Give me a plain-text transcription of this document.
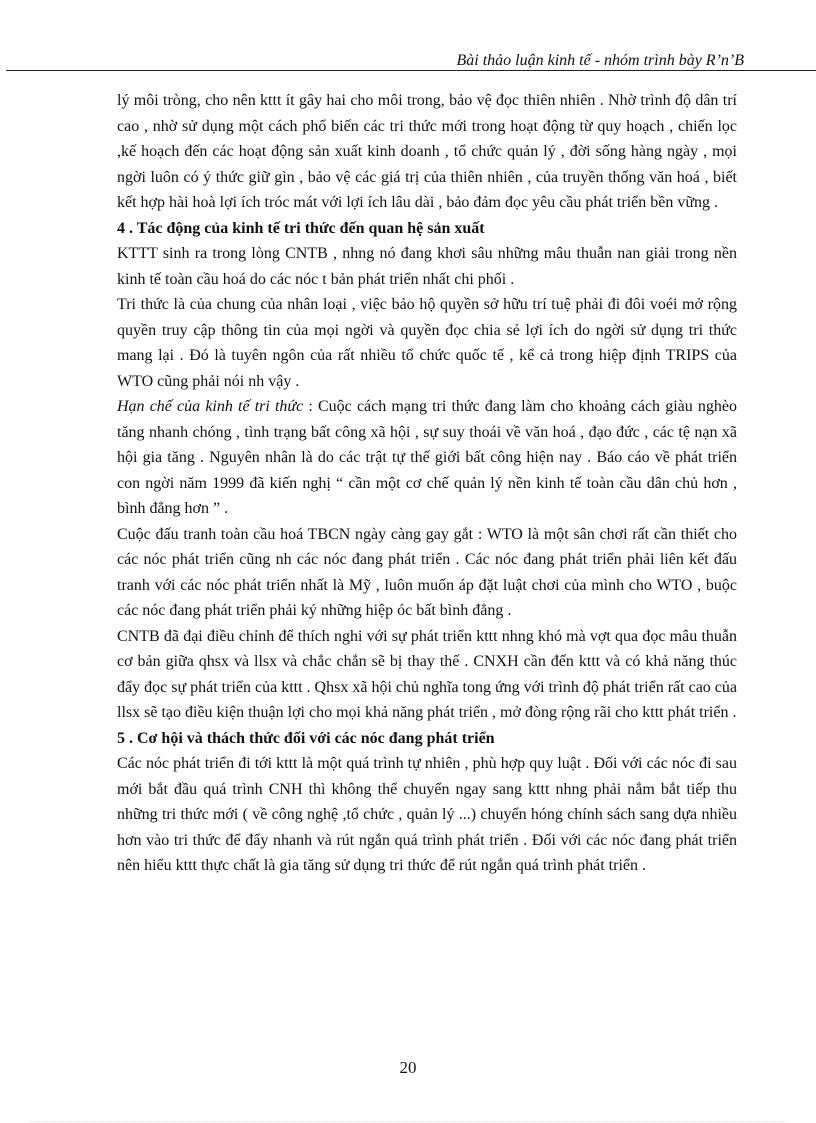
Bài thảo luận kinh tế - nhóm trình bày R’n’B

lý môi tròng, cho nên kttt ít gây hai cho môi trong, bảo vệ đọc thiên nhiên . Nhờ trình độ dân trí cao , nhờ sử dụng một cách phổ biến các tri thức mới trong hoạt động từ quy hoạch , chiến lọc ,kế hoạch đến các hoạt động sản xuất kinh doanh , tổ chức quản lý , đời sống hàng ngày , mọi ngời luôn có ý thức giữ gìn , bảo vệ các giá trị của thiên nhiên , của truyền thống văn hoá , biết kết hợp hài hoà lợi ích tróc mát với lợi ích lâu dài , bảo đảm đọc yêu cầu phát triển bền vững .

4 . Tác động của kinh tế tri thức đến quan hệ sản xuất

KTTT sinh ra trong lòng CNTB , nhng nó đang khơi sâu những mâu thuẫn nan giải trong nền kinh tế toàn cầu hoá do các nóc t bản phát triển nhất chi phối .

Tri thức là của chung của nhân loại , việc bảo hộ quyền sở hữu trí tuệ phải đi đôi voéi mở rộng quyền truy cập thông tin của mọi ngời và quyền đọc chia sẻ lợi ích do ngời sử dụng tri thức mang lại . Đó là tuyên ngôn của rất nhiều tổ chức quốc tế , kể cả trong hiệp định TRIPS của WTO cũng phải nói nh vậy .

Hạn chế của kinh tế tri thức : Cuộc cách mạng tri thức đang làm cho khoảng cách giàu nghèo tăng nhanh chóng , tình trạng bất công xã hội , sự suy thoái về văn hoá , đạo đức , các tệ nạn xã hội gia tăng . Nguyên nhân là do các trật tự thế giới bất công hiện nay . Báo cáo về phát triển con ngời năm 1999 đã kiến nghị “ cần một cơ chế quản lý nền kinh tế toàn cầu dân chủ hơn , bình đẳng hơn ” .

Cuộc đấu tranh toàn cầu hoá TBCN ngày càng gay gắt : WTO là một sân chơi rất cần thiết cho các nóc phát triển cũng nh các nóc đang phát triển . Các nóc đang phát triển phải liên kết đấu tranh với các nóc phát triển nhất là Mỹ , luôn muốn áp đặt luật chơi của mình cho WTO , buộc các nóc đang phát triển phải ký những hiệp óc bất bình đẳng .

CNTB đã đại điều chỉnh để thích nghi với sự phát triển kttt nhng khó mà vợt qua đọc mâu thuẫn cơ bản giữa qhsx và llsx và chắc chắn sẽ bị thay thế . CNXH cần đến kttt và có khả năng thúc đẩy đọc sự phát triển của kttt . Qhsx xã hội chủ nghĩa tong ứng với trình độ phát triển rất cao của llsx sẽ tạo điều kiện thuận lợi cho mọi khả năng phát triển , mở đòng rộng rãi cho kttt phát triển .

5 . Cơ hội và thách thức đối với các nóc đang phát triển

Các nóc phát triển đi tới kttt là một quá trình tự nhiên , phù hợp quy luật . Đối với các nóc đi sau mới bắt đầu quá trình CNH thì không thể chuyển ngay sang kttt nhng phải nắm bắt tiếp thu những tri thức mới ( về công nghệ ,tổ chức , quản lý ...) chuyển hóng chính sách sang dựa nhiều hơn vào tri thức để đẩy nhanh và rút ngắn quá trình phát triển . Đối với các nóc đang phát triển nên hiểu kttt thực chất là gia tăng sử dụng tri thức để rút ngắn quá trình phát triển .

20
